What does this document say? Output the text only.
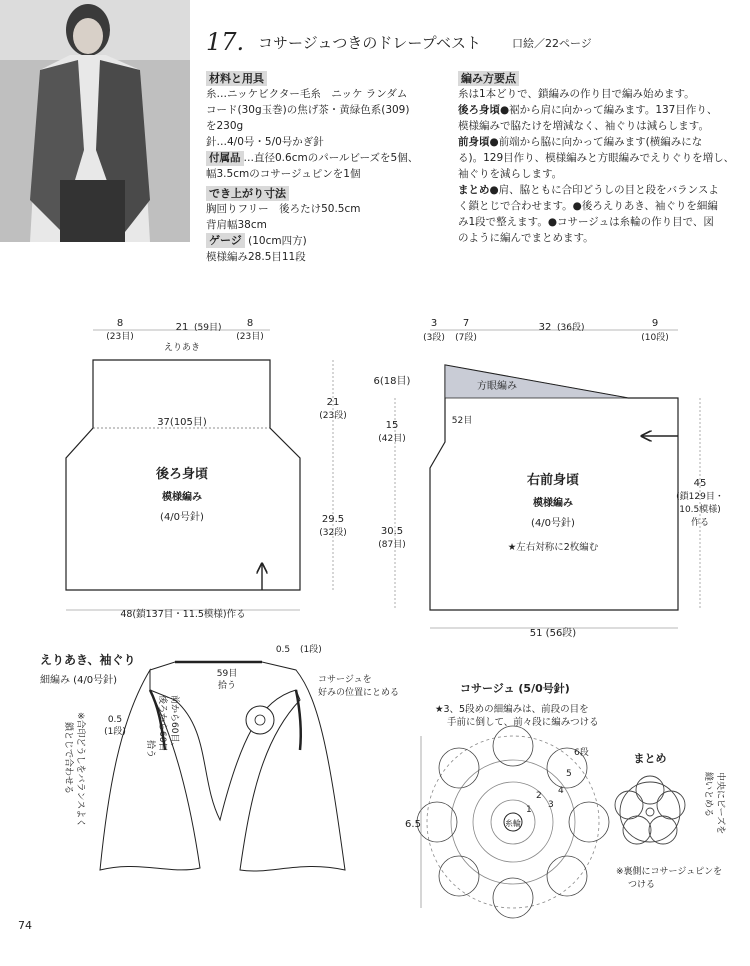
17. コサージュつきのドレープベスト	口絵／22ページ
材料と用具
糸…ニッケビクター毛糸　ニッケ ランダム
コード(30g玉巻)の焦げ茶・黄緑色系(309)
を230g
針…4/0号・5/0号かぎ針
付属品 …直径0.6cmのパールビーズを5個、
幅3.5cmのコサージュピンを1個
でき上がり寸法
胸回りフリー　後ろたけ50.5cm
背肩幅38cm
ゲージ (10cm四方)
模様編み28.5目11段
編み方要点
糸は1本どりで、鎖編みの作り目で編み始めます。
後ろ身頃●裾から肩に向かって編みます。137目作り、
模様編みで脇たけを増減なく、袖ぐりは減らします。
前身頃●前端から脇に向かって編みます(横編みにな
る)。129目作り、模様編みと方眼編みでえりぐりを増し、
袖ぐりを減らします。
まとめ●肩、脇ともに合印どうしの目と段をバランスよ
く鎖とじで合わせます。●後ろえりあき、袖ぐりを細編
み1段で整えます。●コサージュは糸輪の作り目で、図
のように編んでまとめます。
8
(23目)
21 (59目)	8
(23目)
えりあき
37(105目)
後ろ身頃
模様編み
(4/0号針)
21
(23段)
29.5
(32段)
48(鎖137目・11.5模様)作る
3
(3段)
7
(7段)
32 (36段)	9
(10段)
6(18目)	方眼編み
52目
15
(42目)
30.5
(87目)
45
(鎖129目・
10.5模様)
作る
右前身頃
模様編み
(4/0号針)
★左右対称に2枚編む
51 (56段)
えりあき、袖ぐり
細編み (4/0号針)
59目
拾う
0.5 (1段)
0.5
(1段)
コサージュを
好みの位置にとめる
前から60目、
後ろから60目
拾う
※合印どうしをバランスよく
鎖とじで合わせる
コサージュ (5/0号針)
★3、5段めの細編みは、前段の目を
手前に倒して、前々段に編みつける
6.5
6段
5
4
3
2
1
糸輪
まとめ
中央にビーズを
縫いとめる
※裏側にコサージュピンを
つける
74
